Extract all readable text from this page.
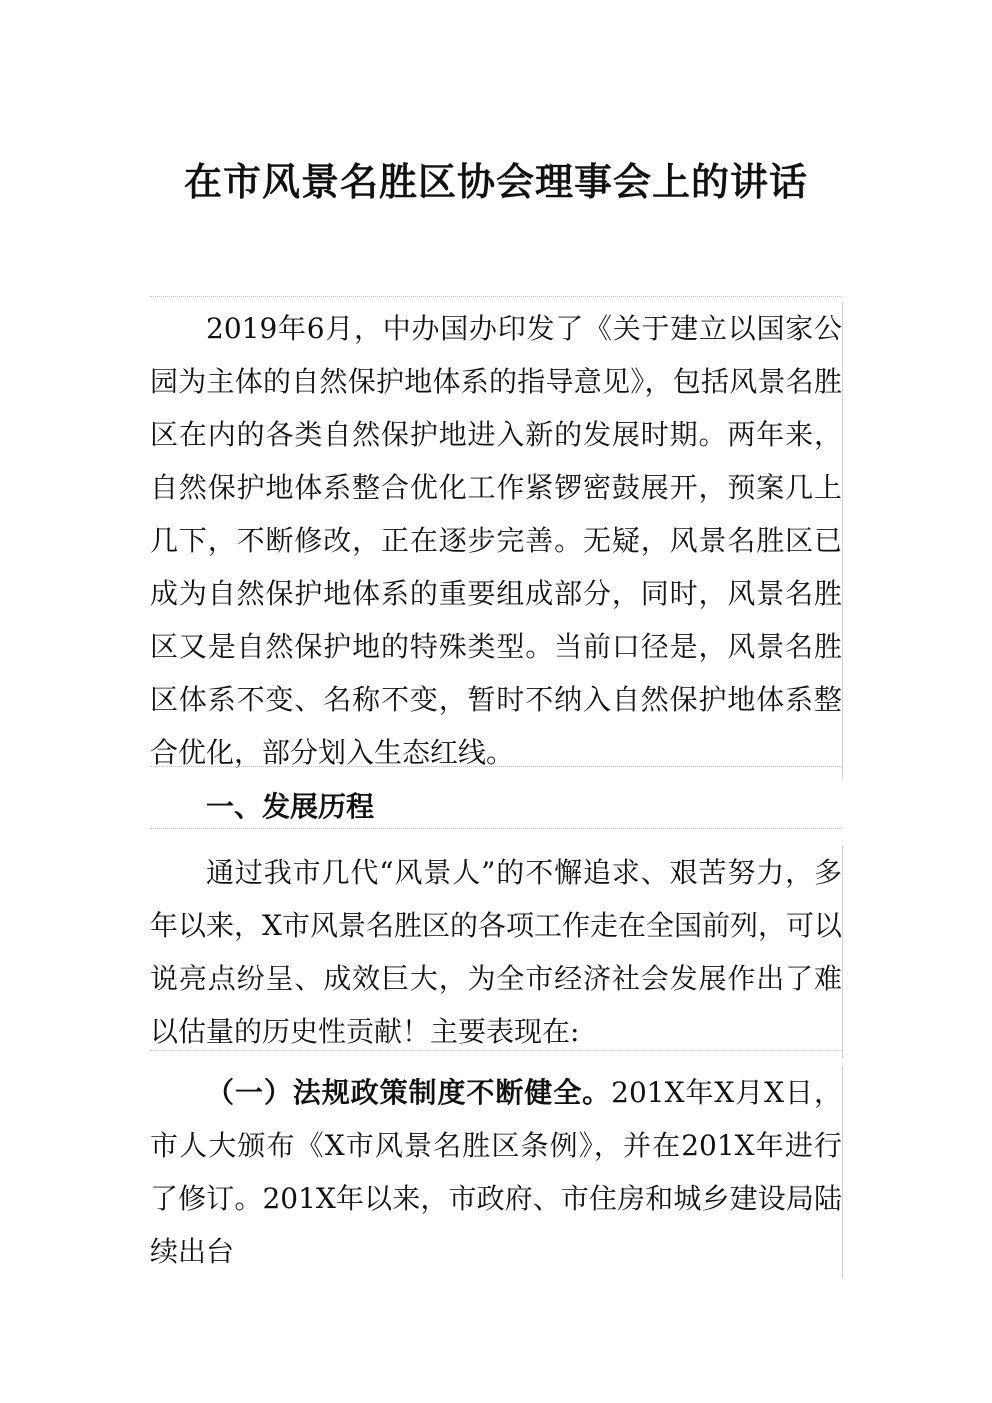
在市风景名胜区协会理事会上的讲话

2019年6月，中办国办印发了《关于建立以国家公园为主体的自然保护地体系的指导意见》，包括风景名胜区在内的各类自然保护地进入新的发展时期。两年来，自然保护地体系整合优化工作紧锣密鼓展开，预案几上几下，不断修改，正在逐步完善。无疑，风景名胜区已成为自然保护地体系的重要组成部分，同时，风景名胜区又是自然保护地的特殊类型。当前口径是，风景名胜区体系不变、名称不变，暂时不纳入自然保护地体系整合优化，部分划入生态红线。

一、发展历程

通过我市几代“风景人”的不懈追求、艰苦努力，多年以来，X市风景名胜区的各项工作走在全国前列，可以说亮点纷呈、成效巨大，为全市经济社会发展作出了难以估量的历史性贡献！主要表现在:

（一）法规政策制度不断健全。201X年X月X日，市人大颁布《X市风景名胜区条例》，并在201X年进行了修订。201X年以来，市政府、市住房和城乡建设局陆续出台
